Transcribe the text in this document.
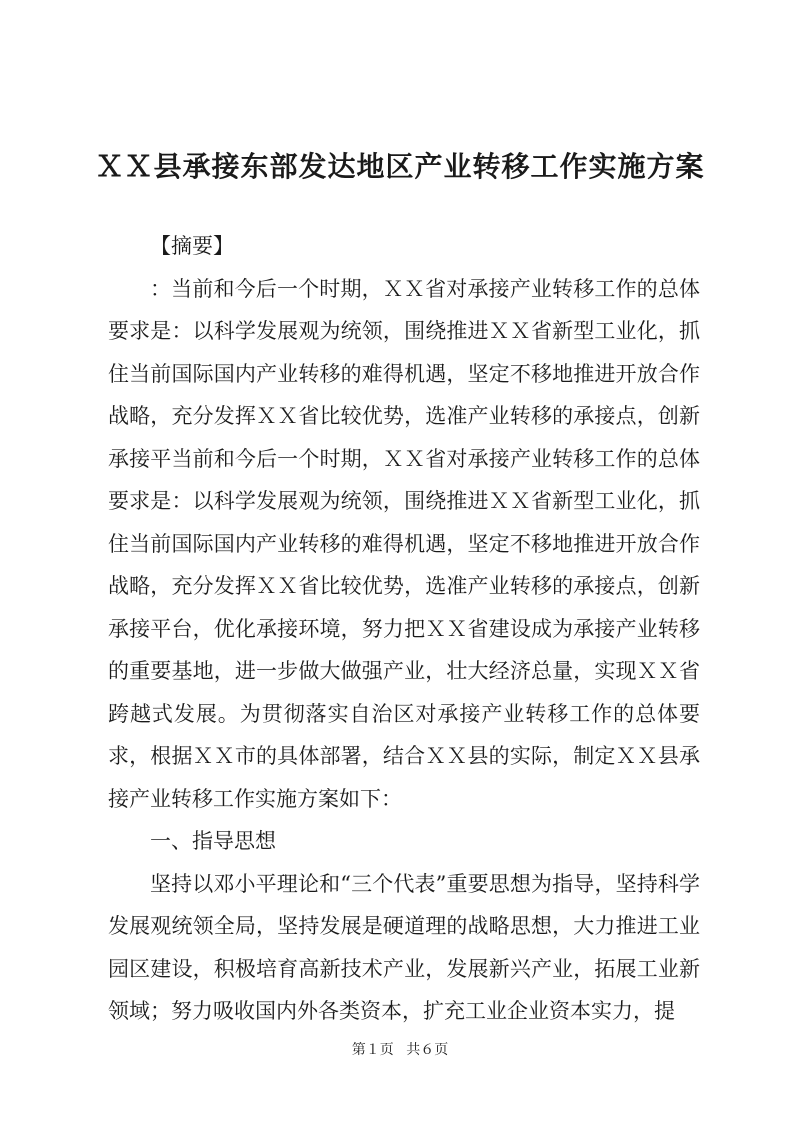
ＸＸ县承接东部发达地区产业转移工作实施方案

【摘要】

：当前和今后一个时期，ＸＸ省对承接产业转移工作的总体要求是：以科学发展观为统领，围绕推进ＸＸ省新型工业化，抓住当前国际国内产业转移的难得机遇，坚定不移地推进开放合作战略，充分发挥ＸＸ省比较优势，选准产业转移的承接点，创新承接平当前和今后一个时期，ＸＸ省对承接产业转移工作的总体要求是：以科学发展观为统领，围绕推进ＸＸ省新型工业化，抓住当前国际国内产业转移的难得机遇，坚定不移地推进开放合作战略，充分发挥ＸＸ省比较优势，选准产业转移的承接点，创新承接平台，优化承接环境，努力把ＸＸ省建设成为承接产业转移的重要基地，进一步做大做强产业，壮大经济总量，实现ＸＸ省跨越式发展。为贯彻落实自治区对承接产业转移工作的总体要求，根据ＸＸ市的具体部署，结合ＸＸ县的实际，制定ＸＸ县承接产业转移工作实施方案如下：

一、指导思想

坚持以邓小平理论和“三个代表”重要思想为指导，坚持科学发展观统领全局，坚持发展是硬道理的战略思想，大力推进工业园区建设，积极培育高新技术产业，发展新兴产业，拓展工业新领域；努力吸收国内外各类资本，扩充工业企业资本实力，提

第１页 共６页
